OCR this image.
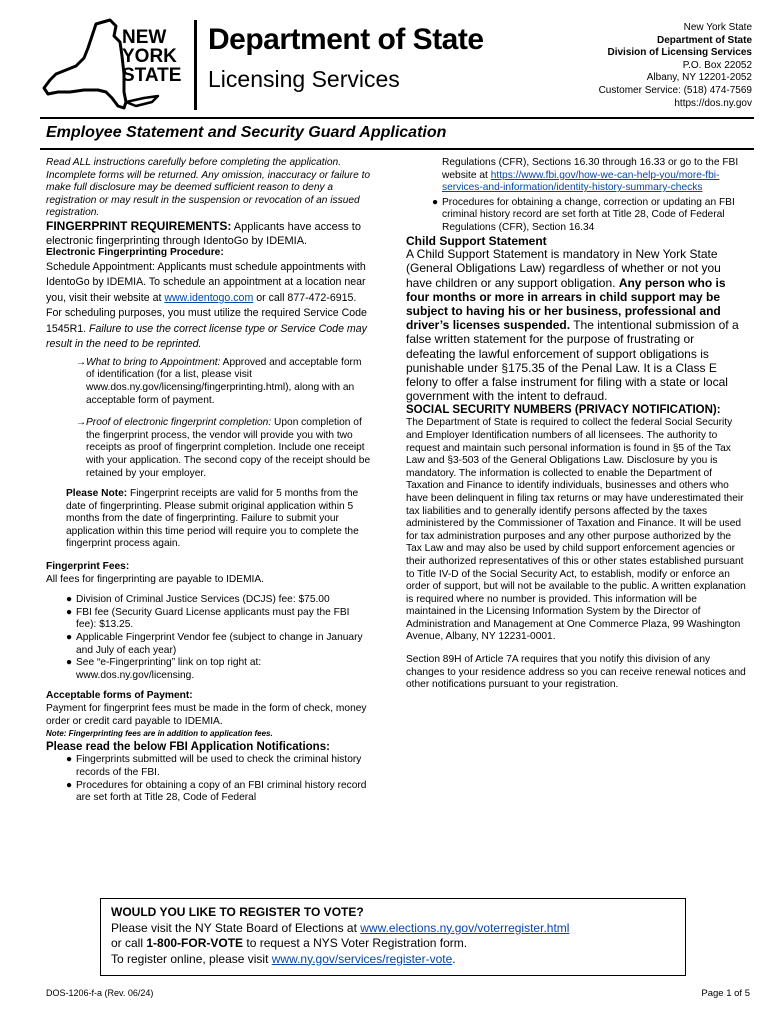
NEW
YORK
STATE
Department of State
Licensing Services
New York State
Department of State
Division of Licensing Services
P.O. Box 22052
Albany, NY 12201-2052
Customer Service: (518) 474-7569
https://dos.ny.gov
Employee Statement and Security Guard Application

Read ALL instructions carefully before completing the application. Incomplete forms will be returned. Any omission, inaccuracy or failure to make full disclosure may be deemed sufficient reason to deny a registration or may result in the suspension or revocation of an issued registration.

FINGERPRINT REQUIREMENTS: Applicants have access to electronic fingerprinting through IdentoGo by IDEMIA.

Electronic Fingerprinting Procedure:

Schedule Appointment: Applicants must schedule appointments with IdentoGo by IDEMIA. To schedule an appointment at a location near you, visit their website at www.identogo.com or call 877-472-6915. For scheduling purposes, you must utilize the required Service Code 1545R1. Failure to use the correct license type or Service Code may result in the need to be reprinted.

→ What to bring to Appointment: Approved and acceptable form of identification (for a list, please visit www.dos.ny.gov/licensing/fingerprinting.html), along with an acceptable form of payment.
→ Proof of electronic fingerprint completion: Upon completion of the fingerprint process, the vendor will provide you with two receipts as proof of fingerprint completion. Include one receipt with your application. The second copy of the receipt should be retained by your employer.
Please Note: Fingerprint receipts are valid for 5 months from the date of fingerprinting. Please submit original application within 5 months from the date of fingerprinting. Failure to submit your application within this time period will require you to complete the fingerprint process again.

Fingerprint Fees:

All fees for fingerprinting are payable to IDEMIA.

● Division of Criminal Justice Services (DCJS) fee: $75.00
● FBI fee (Security Guard License applicants must pay the FBI fee): $13.25.
● Applicable Fingerprint Vendor fee (subject to change in January and July of each year)
● See “e-Fingerprinting” link on top right at: www.dos.ny.gov/licensing.

Acceptable forms of Payment:

Payment for fingerprint fees must be made in the form of check, money order or credit card payable to IDEMIA.

Note: Fingerprinting fees are in addition to application fees.

Please read the below FBI Application Notifications:

● Fingerprints submitted will be used to check the criminal history records of the FBI.
● Procedures for obtaining a copy of an FBI criminal history record are set forth at Title 28, Code of Federal

Regulations (CFR), Sections 16.30 through 16.33 or go to the FBI website at https://www.fbi.gov/how-we-can-help-you/more-fbi-services-and-information/identity-history-summary-checks

● Procedures for obtaining a change, correction or updating an FBI criminal history record are set forth at Title 28, Code of Federal Regulations (CFR), Section 16.34

Child Support Statement

A Child Support Statement is mandatory in New York State (General Obligations Law) regardless of whether or not you have children or any support obligation. Any person who is four months or more in arrears in child support may be subject to having his or her business, professional and driver’s licenses suspended. The intentional submission of a false written statement for the purpose of frustrating or defeating the lawful enforcement of support obligations is punishable under §175.35 of the Penal Law. It is a Class E felony to offer a false instrument for filing with a state or local government with the intent to defraud.

SOCIAL SECURITY NUMBERS (PRIVACY NOTIFICATION):

The Department of State is required to collect the federal Social Security and Employer Identification numbers of all licensees. The authority to request and maintain such personal information is found in §5 of the Tax Law and §3-503 of the General Obligations Law. Disclosure by you is mandatory. The information is collected to enable the Department of Taxation and Finance to identify individuals, businesses and others who have been delinquent in filing tax returns or may have underestimated their tax liabilities and to generally identify persons affected by the taxes administered by the Commissioner of Taxation and Finance. It will be used for tax administration purposes and any other purpose authorized by the Tax Law and may also be used by child support enforcement agencies or their authorized representatives of this or other states established pursuant to Title IV-D of the Social Security Act, to establish, modify or enforce an order of support, but will not be available to the public. A written explanation is required where no number is provided. This information will be maintained in the Licensing Information System by the Director of Administration and Management at One Commerce Plaza, 99 Washington Avenue, Albany, NY 12231-0001.

Section 89H of Article 7A requires that you notify this division of any changes to your residence address so you can receive renewal notices and other notifications pursuant to your registration.

WOULD YOU LIKE TO REGISTER TO VOTE?
Please visit the NY State Board of Elections at www.elections.ny.gov/voterregister.html
or call 1-800-FOR-VOTE to request a NYS Voter Registration form.
To register online, please visit www.ny.gov/services/register-vote.
DOS-1206-f-a (Rev. 06/24)	Page 1 of 5
